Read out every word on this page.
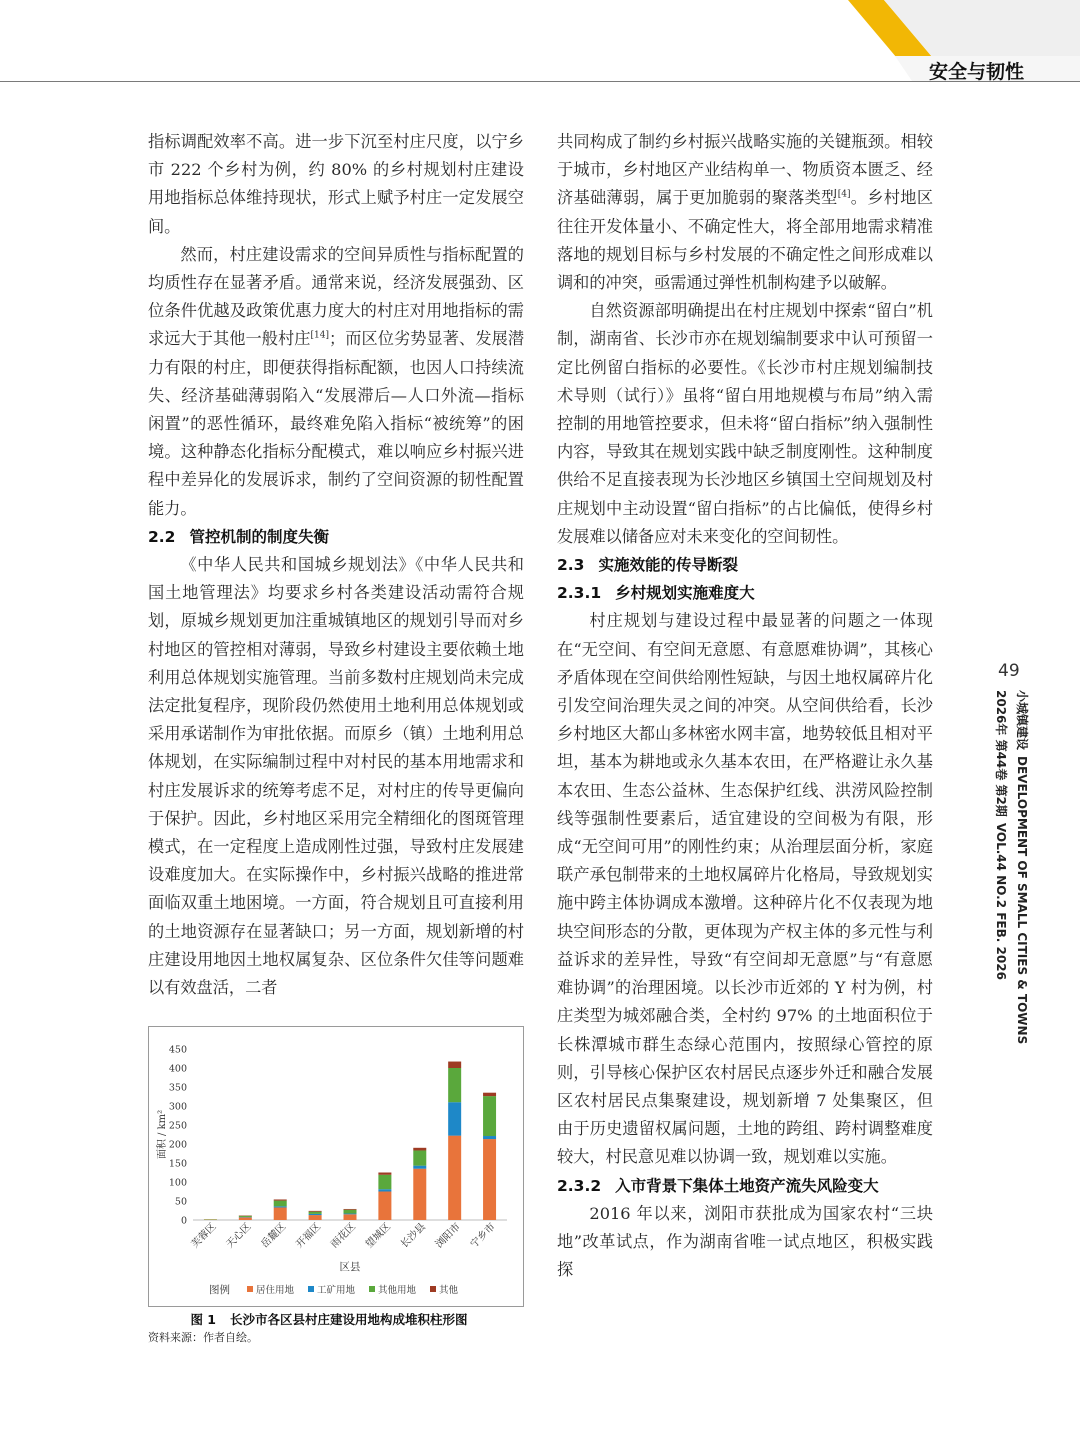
安全与韧性

指标调配效率不高。进一步下沉至村庄尺度，以宁乡市 222 个乡村为例，约 80% 的乡村规划村庄建设用地指标总体维持现状，形式上赋予村庄一定发展空间。

然而，村庄建设需求的空间异质性与指标配置的均质性存在显著矛盾。通常来说，经济发展强劲、区位条件优越及政策优惠力度大的村庄对用地指标的需求远大于其他一般村庄[14]；而区位劣势显著、发展潜力有限的村庄，即便获得指标配额，也因人口持续流失、经济基础薄弱陷入“发展滞后—人口外流—指标闲置”的恶性循环，最终难免陷入指标“被统筹”的困境。这种静态化指标分配模式，难以响应乡村振兴进程中差异化的发展诉求，制约了空间资源的韧性配置能力。

2.2 管控机制的制度失衡

《中华人民共和国城乡规划法》《中华人民共和国土地管理法》均要求乡村各类建设活动需符合规划，原城乡规划更加注重城镇地区的规划引导而对乡村地区的管控相对薄弱，导致乡村建设主要依赖土地利用总体规划实施管理。当前多数村庄规划尚未完成法定批复程序，现阶段仍然使用土地利用总体规划或采用承诺制作为审批依据。而原乡（镇）土地利用总体规划，在实际编制过程中对村民的基本用地需求和村庄发展诉求的统筹考虑不足，对村庄的传导更偏向于保护。因此，乡村地区采用完全精细化的图斑管理模式，在一定程度上造成刚性过强，导致村庄发展建设难度加大。在实际操作中，乡村振兴战略的推进常面临双重土地困境。一方面，符合规划且可直接利用的土地资源存在显著缺口；另一方面，规划新增的村庄建设用地因土地权属复杂、区位条件欠佳等问题难以有效盘活，二者

共同构成了制约乡村振兴战略实施的关键瓶颈。相较于城市，乡村地区产业结构单一、物质资本匮乏、经济基础薄弱，属于更加脆弱的聚落类型[4]。乡村地区往往开发体量小、不确定性大，将全部用地需求精准落地的规划目标与乡村发展的不确定性之间形成难以调和的冲突，亟需通过弹性机制构建予以破解。

自然资源部明确提出在村庄规划中探索“留白”机制，湖南省、长沙市亦在规划编制要求中认可预留一定比例留白指标的必要性。《长沙市村庄规划编制技术导则（试行）》虽将“留白用地规模与布局”纳入需控制的用地管控要求，但未将“留白指标”纳入强制性内容，导致其在规划实践中缺乏制度刚性。这种制度供给不足直接表现为长沙地区乡镇国土空间规划及村庄规划中主动设置“留白指标”的占比偏低，使得乡村发展难以储备应对未来变化的空间韧性。

2.3 实施效能的传导断裂
2.3.1 乡村规划实施难度大

村庄规划与建设过程中最显著的问题之一体现在“无空间、有空间无意愿、有意愿难协调”，其核心矛盾体现在空间供给刚性短缺，与因土地权属碎片化引发空间治理失灵之间的冲突。从空间供给看，长沙乡村地区大都山多林密水网丰富，地势较低且相对平坦，基本为耕地或永久基本农田，在严格避让永久基本农田、生态公益林、生态保护红线、洪涝风险控制线等强制性要素后，适宜建设的空间极为有限，形成“无空间可用”的刚性约束；从治理层面分析，家庭联产承包制带来的土地权属碎片化格局，导致规划实施中跨主体协调成本激增。这种碎片化不仅表现为地块空间形态的分散，更体现为产权主体的多元性与利益诉求的差异性，导致“有空间却无意愿”与“有意愿难协调”的治理困境。以长沙市近郊的 Y 村为例，村庄类型为城郊融合类，全村约 97% 的土地面积位于长株潭城市群生态绿心范围内，按照绿心管控的原则，引导核心保护区农村居民点逐步外迁和融合发展区农村居民点集聚建设，规划新增 7 处集聚区，但由于历史遗留权属问题，土地的跨组、跨村调整难度较大，村民意见难以协调一致，规划难以实施。

2.3.2 入市背景下集体土地资产流失风险变大

2016 年以来，浏阳市获批成为国家农村“三块地”改革试点，作为湖南省唯一试点地区，积极实践探

0
50
100
150
200
250
300
350
400
450
面积 / km²
芙蓉区 天心区 岳麓区 开福区 雨花区 望城区 长沙县 浏阳市 宁乡市
区县
图例	居住用地 工矿用地 其他用地 其他
图 1 长沙市各区县村庄建设用地构成堆积柱形图
资料来源：作者自绘。
49
小城镇建设DEVELOPMENT OF SMALL CITIES & TOWNS
2026年 第44卷 第2期VOL.44 NO.2 FEB. 2026
